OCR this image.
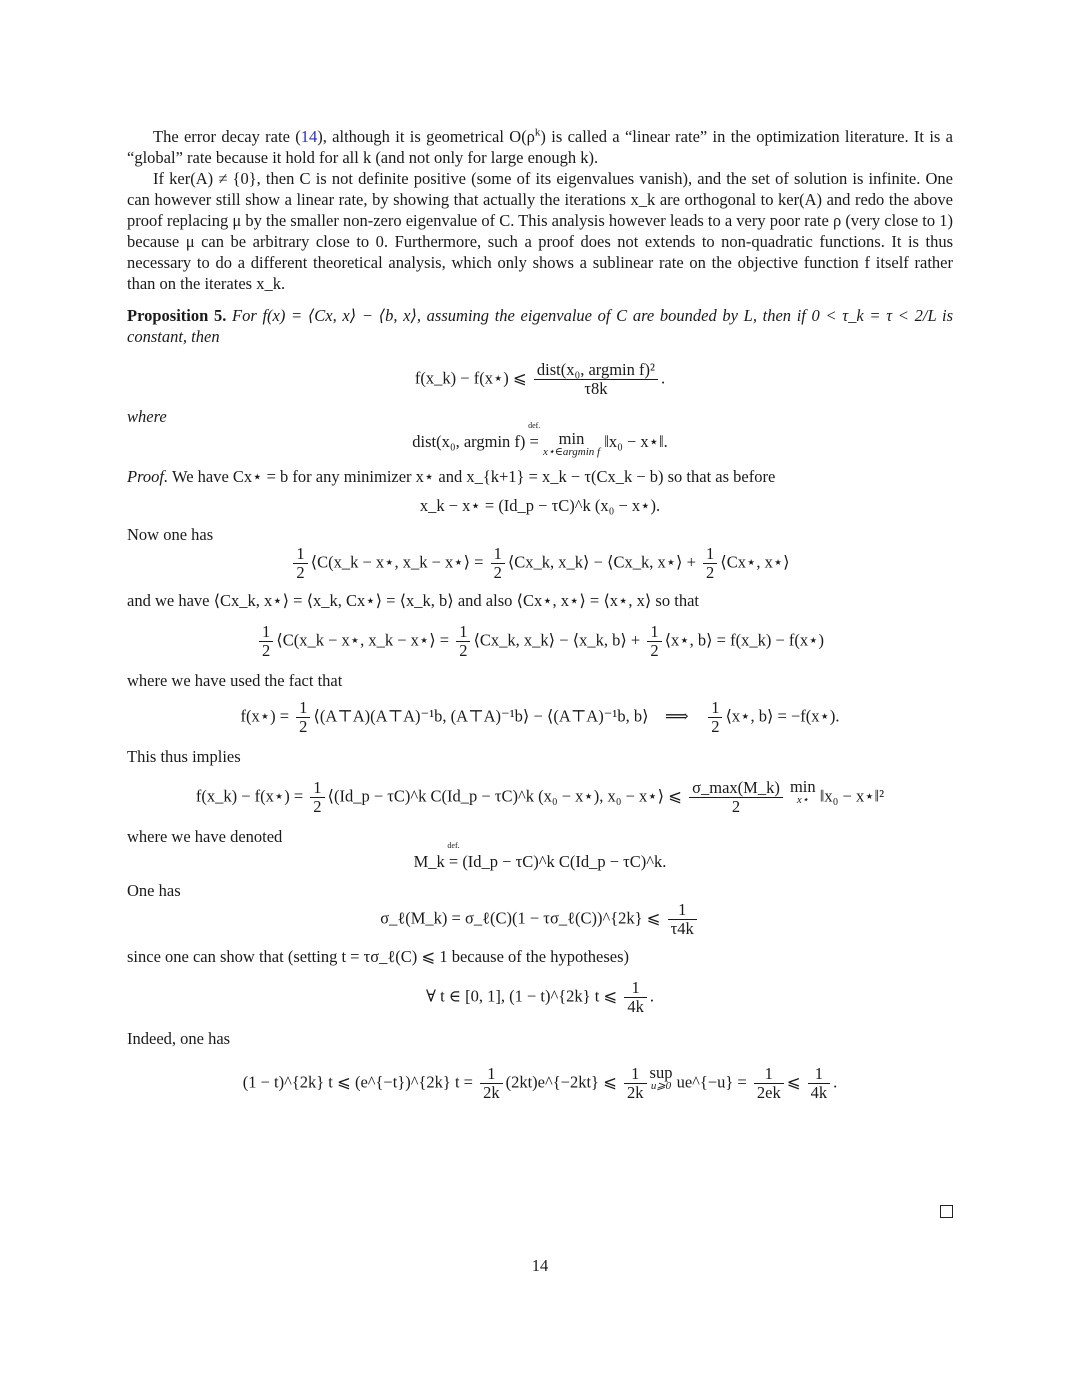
The error decay rate (14), although it is geometrical $O(\rho^k)$ is called a “linear rate” in the optimization literature. It is a “global” rate because it hold for all k (and not only for large enough k).

If ker(A) ≠ {0}, then C is not definite positive (some of its eigenvalues vanish), and the set of solution is infinite. One can however still show a linear rate, by showing that actually the iterations x_k are orthogonal to ker(A) and redo the above proof replacing μ by the smaller non-zero eigenvalue of C. This analysis however leads to a very poor rate ρ (very close to 1) because μ can be arbitrary close to 0. Furthermore, such a proof does not extends to non-quadratic functions. It is thus necessary to do a different theoretical analysis, which only shows a sublinear rate on the objective function f itself rather than on the iterates x_k.

Proposition 5. For f(x) = ⟨Cx, x⟩ − ⟨b, x⟩, assuming the eigenvalue of C are bounded by L, then if 0 < τ_k = τ < 2/L is constant, then

f(x_k) − f(x⋆) ⩽ $\frac{\text{dist(x₀, argmin f)²}}{\tau 8k}$ .

where

dist(x₀, argmin f)
def.
= min
x⋆∈argmin f
‖x₀ − x⋆‖.

Proof. We have Cx⋆ = b for any minimizer x⋆ and x_{k+1} = x_k − τ(Cx_k − b) so that as before

x_k − x⋆ = (Id_p − τC)^k (x₀ − x⋆).

Now one has

$\frac{1}{2}$ ⟨C(x_k − x⋆, x_k − x⋆⟩ = $\frac{1}{2}$ ⟨Cx_k, x_k⟩ − ⟨Cx_k, x⋆⟩ + $\frac{1}{2}$ ⟨Cx⋆, x⋆⟩

and we have ⟨Cx_k, x⋆⟩ = ⟨x_k, Cx⋆⟩ = ⟨x_k, b⟩ and also ⟨Cx⋆, x⋆⟩ = ⟨x⋆, x⟩ so that

$\frac{1}{2}$ ⟨C(x_k − x⋆, x_k − x⋆⟩ = $\frac{1}{2}$ ⟨Cx_k, x_k⟩ − ⟨x_k, b⟩ + $\frac{1}{2}$ ⟨x⋆, b⟩ = f(x_k) − f(x⋆)

where we have used the fact that

f(x⋆) = $\frac{1}{2}$ ⟨(A⊤A)(A⊤A)⁻¹b, (A⊤A)⁻¹b⟩ − ⟨(A⊤A)⁻¹b, b⟩ ⟹ $\frac{1}{2}$ ⟨x⋆, b⟩ = −f(x⋆).

This thus implies

f(x_k) − f(x⋆) = $\frac{1}{2}$ ⟨(Id_p − τC)^k C(Id_p − τC)^k (x₀ − x⋆), x₀ − x⋆⟩ ⩽ $\frac{\sigma\_\max(M\_k)}{2}$ min
x⋆ ‖x₀ − x⋆‖²

where we have denoted

M_k
def.
= (Id_p − τC)^k C(Id_p − τC)^k.

One has

σ_ℓ(M_k) = σ_ℓ(C)(1 − τσ_ℓ(C))^{2k} ⩽ $\frac{1}{\tau 4k}$

since one can show that (setting t = τσ_ℓ(C) ⩽ 1 because of the hypotheses)

∀ t ∈ [0, 1], (1 − t)^{2k} t ⩽ $\frac{1}{4k}$ .

Indeed, one has

(1 − t)^{2k} t ⩽ (e^{−t})^{2k} $t = \frac{1}{2k}$ (2kt)e^{−2kt} ⩽ $\frac{1}{2k}$ sup
u⩾0 ue^{−u} = $\frac{1}{2ek}$ ⩽ $\frac{1}{4k}$ .
14
